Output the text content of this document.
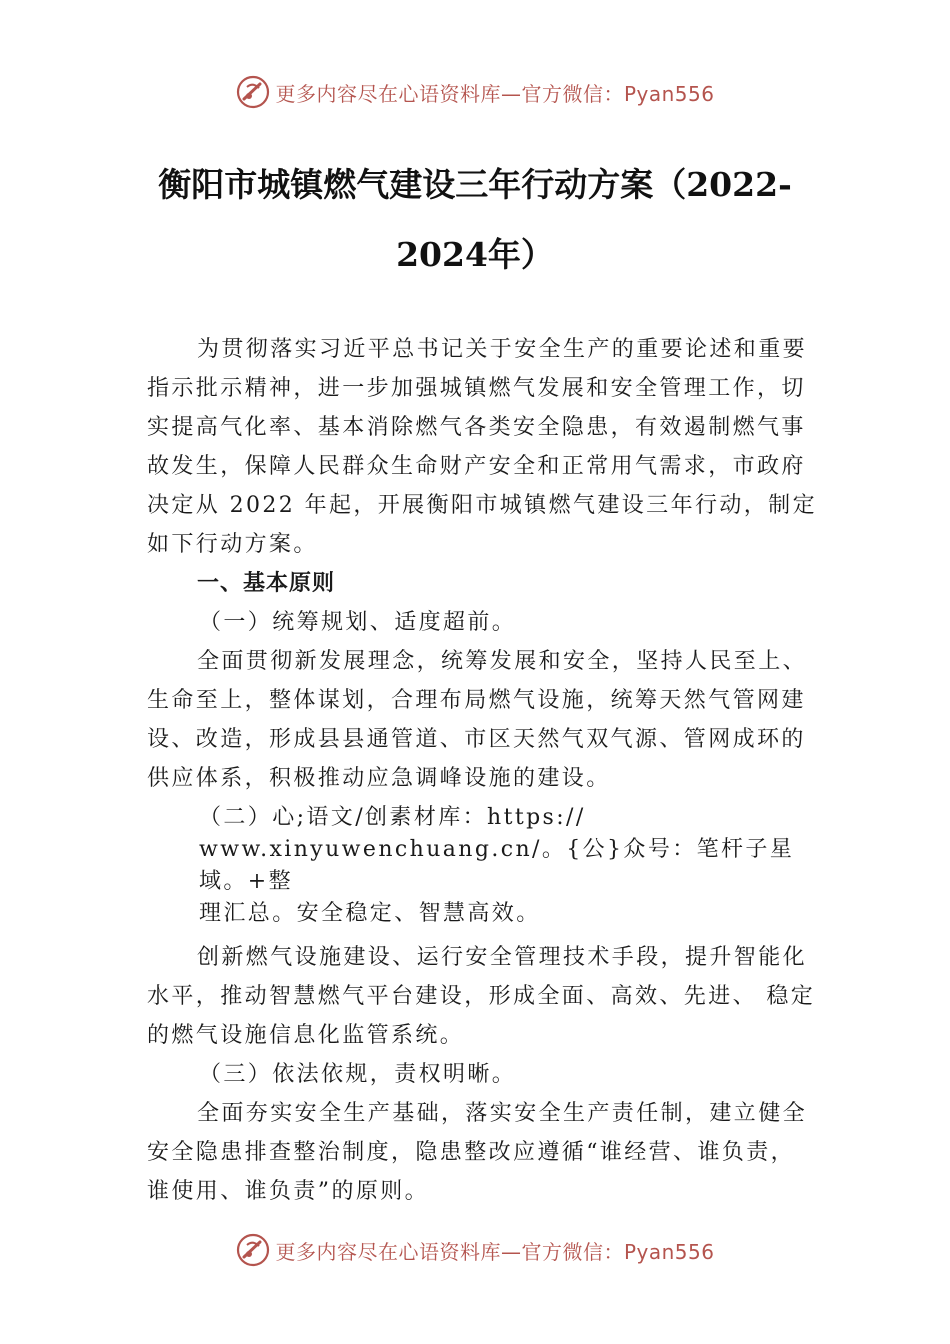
更多内容尽在心语资料库—官方微信：Pyan556
衡阳市城镇燃气建设三年行动方案（2022-
2024年）

为贯彻落实习近平总书记关于安全生产的重要论述和重要指示批示精神，进一步加强城镇燃气发展和安全管理工作，切实提高气化率、基本消除燃气各类安全隐患，有效遏制燃气事故发生，保障人民群众生命财产安全和正常用气需求，市政府决定从 2022 年起，开展衡阳市城镇燃气建设三年行动，制定如下行动方案。

一、基本原则

（一）统筹规划、适度超前。

全面贯彻新发展理念，统筹发展和安全，坚持人民至上、生命至上，整体谋划，合理布局燃气设施，统筹天然气管网建设、改造，形成县县通管道、市区天然气双气源、管网成环的供应体系，积极推动应急调峰设施的建设。

（二）心;语文/创素材库：https://
www.xinyuwenchuang.cn/。{公}众号：笔杆子星域。+整
理汇总。安全稳定、智慧高效。

创新燃气设施建设、运行安全管理技术手段，提升智能化水平，推动智慧燃气平台建设，形成全面、高效、先进、 稳定的燃气设施信息化监管系统。

（三）依法依规，责权明晰。

全面夯实安全生产基础，落实安全生产责任制，建立健全安全隐患排查整治制度，隐患整改应遵循“谁经营、谁负责，谁使用、谁负责”的原则。

更多内容尽在心语资料库—官方微信：Pyan556
